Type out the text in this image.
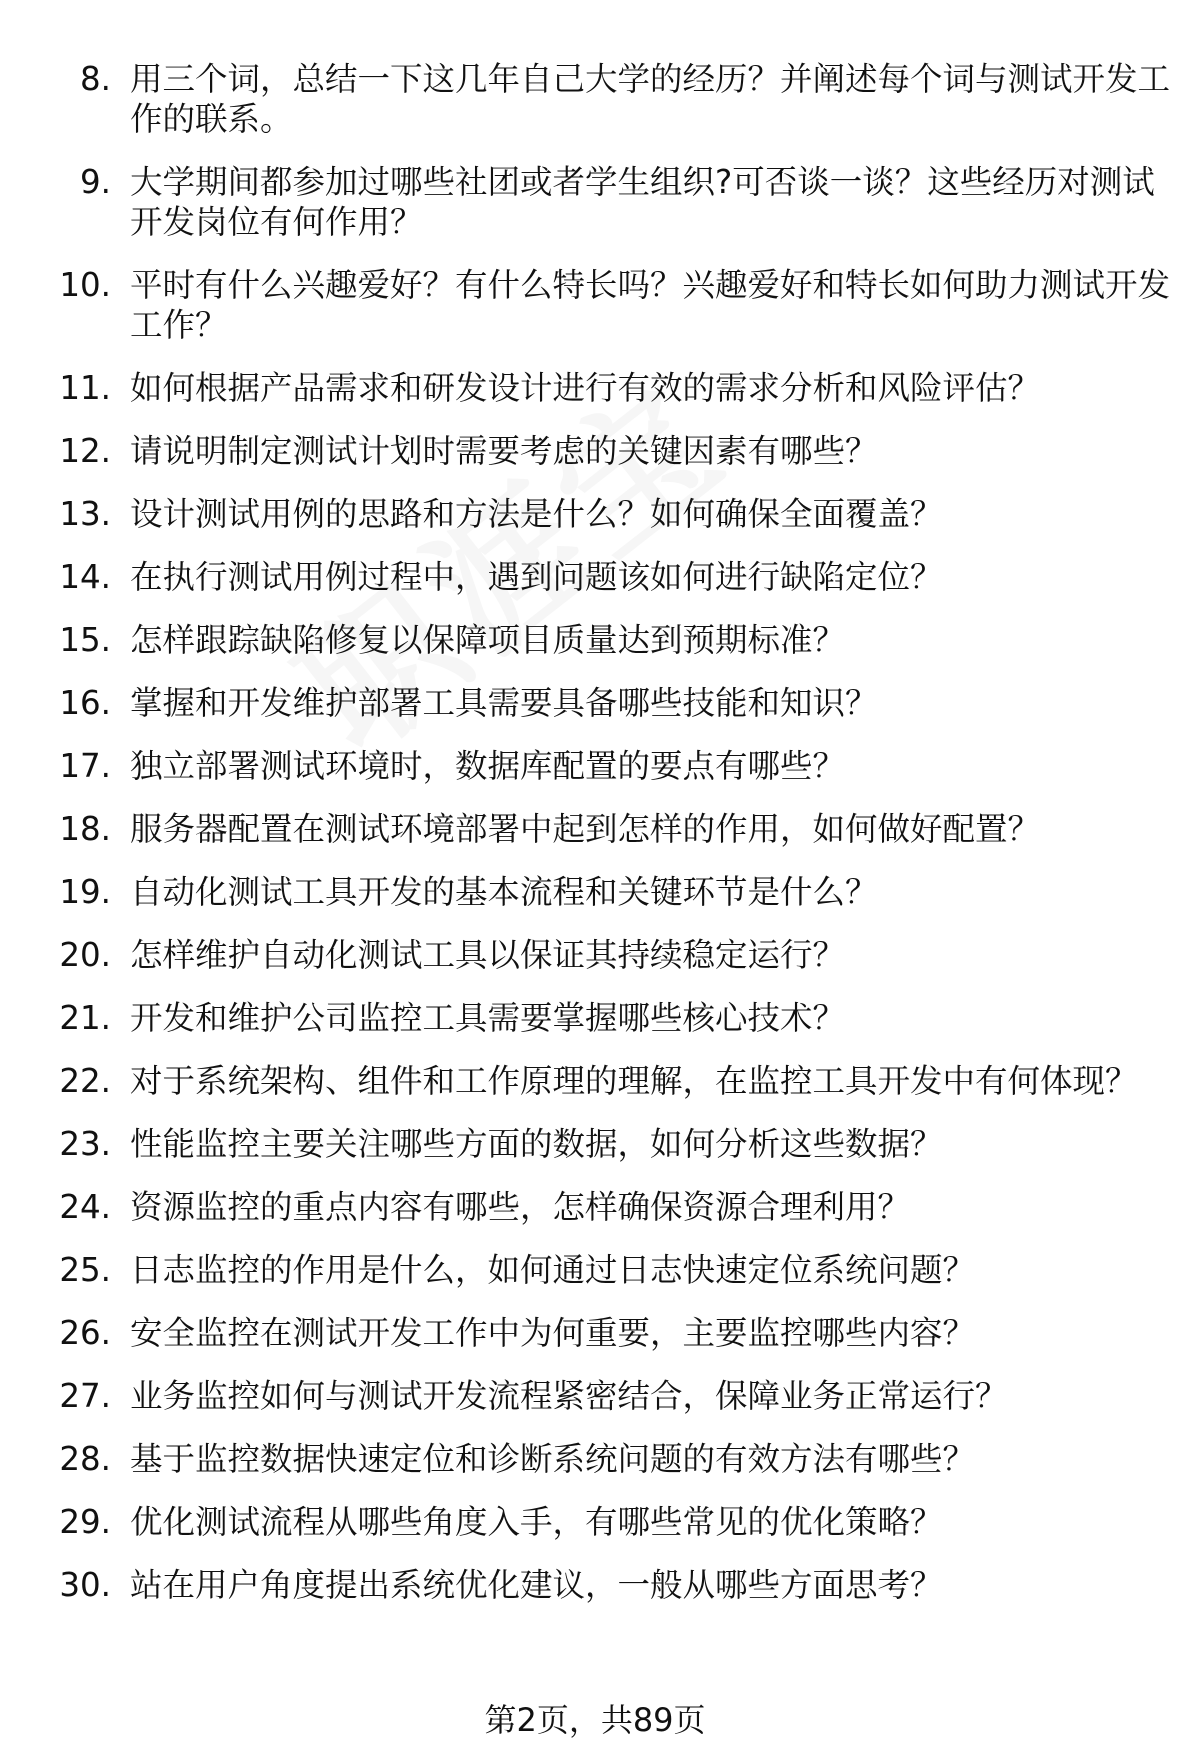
8. 用三个词，总结一下这几年自己大学的经历？并阐述每个词与测试开发工作的联系。
9. 大学期间都参加过哪些社团或者学生组织?可否谈一谈？这些经历对测试开发岗位有何作用？
10. 平时有什么兴趣爱好？有什么特长吗？兴趣爱好和特长如何助力测试开发工作？
11. 如何根据产品需求和研发设计进行有效的需求分析和风险评估？
12. 请说明制定测试计划时需要考虑的关键因素有哪些？
13. 设计测试用例的思路和方法是什么？如何确保全面覆盖？
14. 在执行测试用例过程中，遇到问题该如何进行缺陷定位？
15. 怎样跟踪缺陷修复以保障项目质量达到预期标准？
16. 掌握和开发维护部署工具需要具备哪些技能和知识？
17. 独立部署测试环境时，数据库配置的要点有哪些？
18. 服务器配置在测试环境部署中起到怎样的作用，如何做好配置？
19. 自动化测试工具开发的基本流程和关键环节是什么？
20. 怎样维护自动化测试工具以保证其持续稳定运行？
21. 开发和维护公司监控工具需要掌握哪些核心技术？
22. 对于系统架构、组件和工作原理的理解，在监控工具开发中有何体现？
23. 性能监控主要关注哪些方面的数据，如何分析这些数据？
24. 资源监控的重点内容有哪些，怎样确保资源合理利用？
25. 日志监控的作用是什么，如何通过日志快速定位系统问题？
26. 安全监控在测试开发工作中为何重要，主要监控哪些内容？
27. 业务监控如何与测试开发流程紧密结合，保障业务正常运行？
28. 基于监控数据快速定位和诊断系统问题的有效方法有哪些？
29. 优化测试流程从哪些角度入手，有哪些常见的优化策略？
30. 站在用户角度提出系统优化建议，一般从哪些方面思考？
第2页，共89页
